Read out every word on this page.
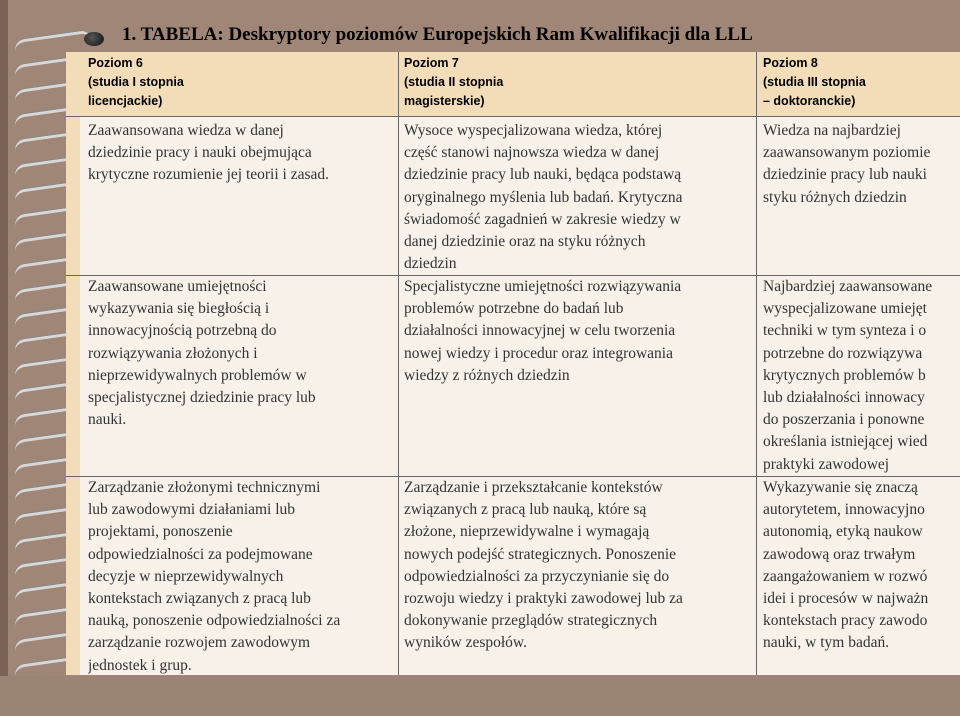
1. TABELA: Deskryptory poziomów Europejskich Ram Kwalifikacji dla LLL
Poziom 6
(studia I stopnia
licencjackie)
Poziom 7
(studia II stopnia
magisterskie)
Poziom 8
(studia III stopnia
– doktoranckie)
Zaawansowana wiedza w danej
dziedzinie pracy i nauki obejmująca
krytyczne rozumienie jej teorii i zasad.
Wysoce wyspecjalizowana wiedza, której
część stanowi najnowsza wiedza w danej
dziedzinie pracy lub nauki, będąca podstawą
oryginalnego myślenia lub badań. Krytyczna
świadomość zagadnień w zakresie wiedzy w
danej dziedzinie oraz na styku różnych
dziedzin
Wiedza na najbardziej
zaawansowanym poziomie
dziedzinie pracy lub nauki
styku różnych dziedzin
Zaawansowane umiejętności
wykazywania się biegłością i
innowacyjnością potrzebną do
rozwiązywania złożonych i
nieprzewidywalnych problemów w
specjalistycznej dziedzinie pracy lub
nauki.
Specjalistyczne umiejętności rozwiązywania
problemów potrzebne do badań lub
działalności innowacyjnej w celu tworzenia
nowej wiedzy i procedur oraz integrowania
wiedzy z różnych dziedzin
Najbardziej zaawansowane
wyspecjalizowane umiejęt
techniki w tym synteza i o
potrzebne do rozwiązywa
krytycznych problemów b
lub działalności innowacy
do poszerzania i ponowne
określania istniejącej wied
praktyki zawodowej
Zarządzanie złożonymi technicznymi
lub zawodowymi działaniami lub
projektami, ponoszenie
odpowiedzialności za podejmowane
decyzje w nieprzewidywalnych
kontekstach związanych z pracą lub
nauką, ponoszenie odpowiedzialności za
zarządzanie rozwojem zawodowym
jednostek i grup.
Zarządzanie i przekształcanie kontekstów
związanych z pracą lub nauką, które są
złożone, nieprzewidywalne i wymagają
nowych podejść strategicznych. Ponoszenie
odpowiedzialności za przyczynianie się do
rozwoju wiedzy i praktyki zawodowej lub za
dokonywanie przeglądów strategicznych
wyników zespołów.
Wykazywanie się znaczą
autorytetem, innowacyjno
autonomią, etyką naukow
zawodową oraz trwałym
zaangażowaniem w rozwó
idei i procesów w najważn
kontekstach pracy zawodo
nauki, w tym badań.
